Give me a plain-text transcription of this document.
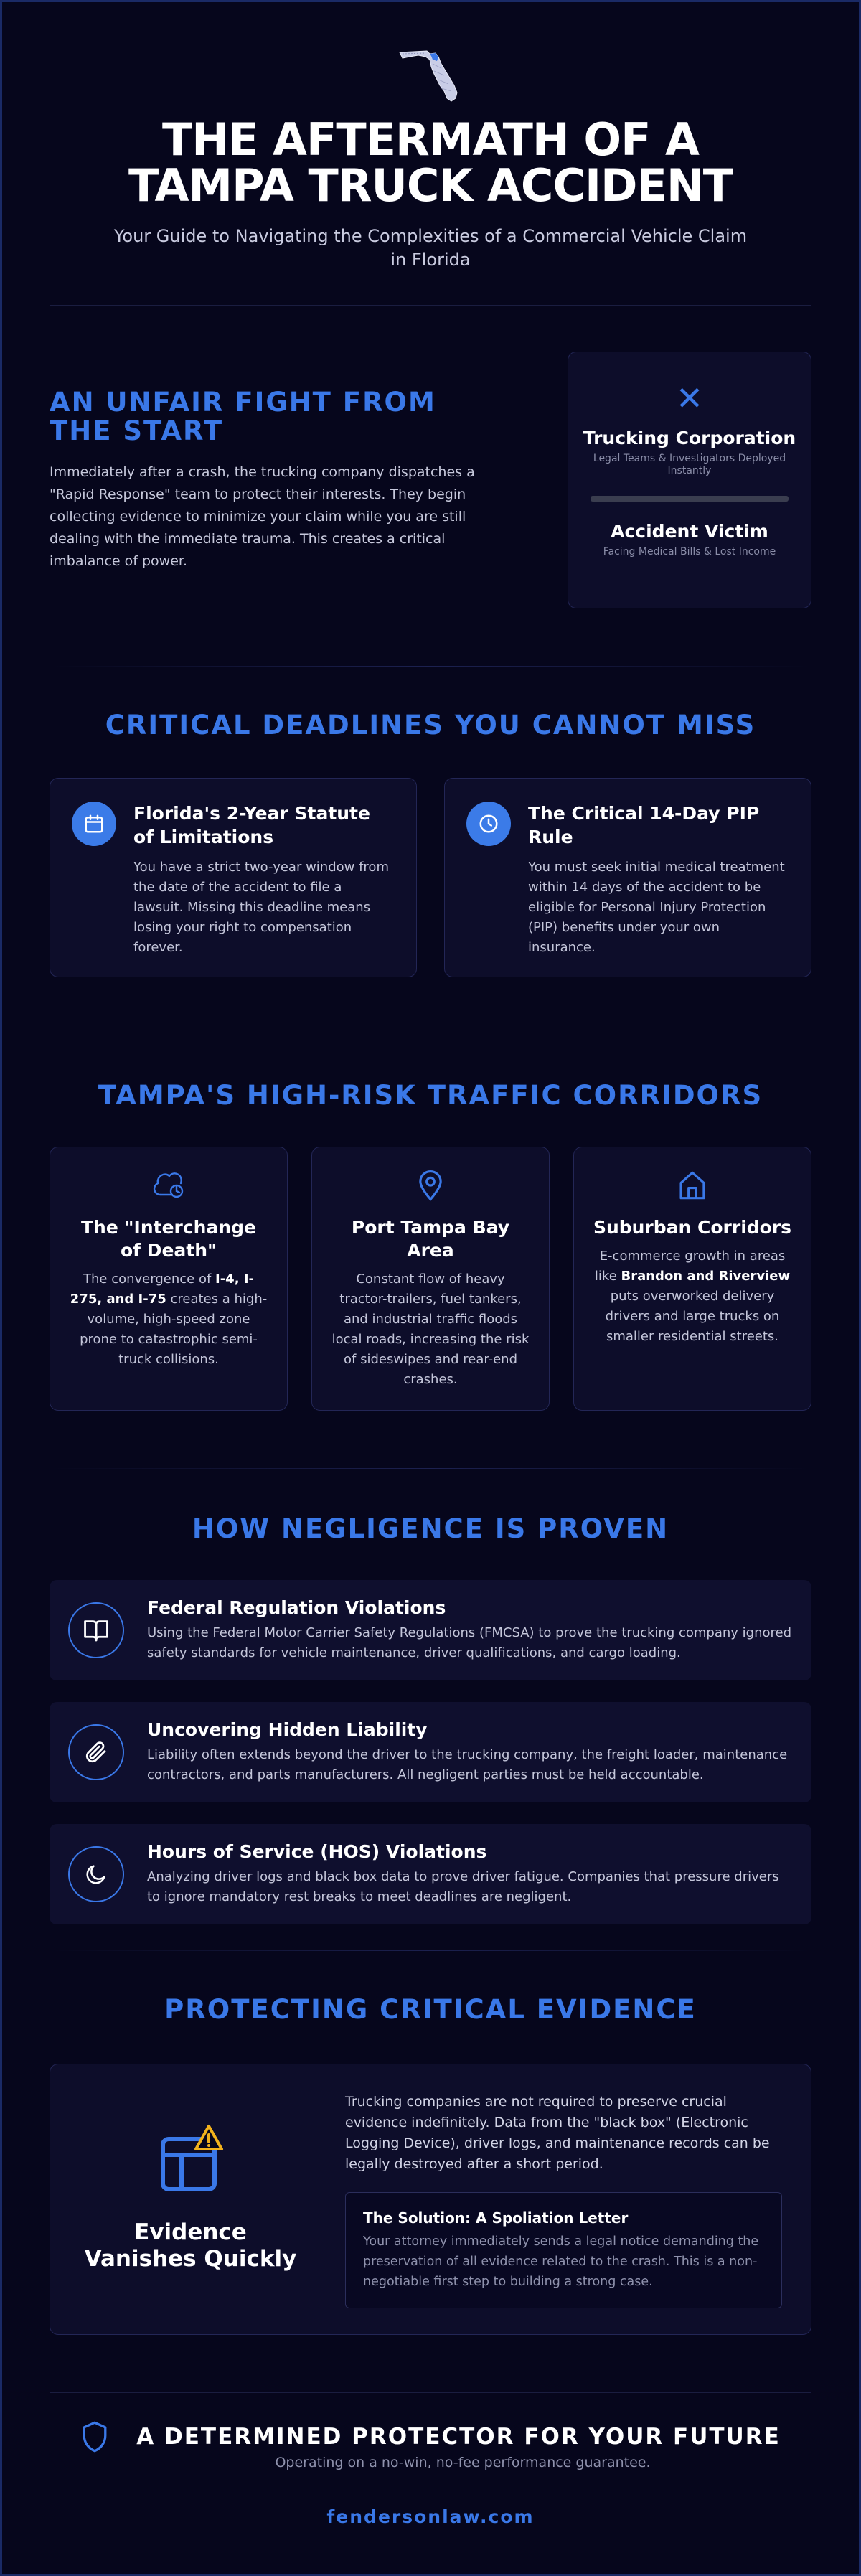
THE AFTERMATH OF A TAMPA TRUCK ACCIDENT

Your Guide to Navigating the Complexities of a Commercial Vehicle Claim in Florida

AN UNFAIR FIGHT FROM THE START

Immediately after a crash, the trucking company dispatches a "Rapid Response" team to protect their interests. They begin collecting evidence to minimize your claim while you are still dealing with the immediate trauma. This creates a critical imbalance of power.

✕
Trucking Corporation
Legal Teams & Investigators Deployed Instantly
Accident Victim
Facing Medical Bills & Lost Income
CRITICAL DEADLINES YOU CANNOT MISS
Florida's 2-Year Statute of Limitations
You have a strict two-year window from the date of the accident to file a lawsuit. Missing this deadline means losing your right to compensation forever.
The Critical 14-Day PIP Rule
You must seek initial medical treatment within 14 days of the accident to be eligible for Personal Injury Protection (PIP) benefits under your own insurance.
TAMPA'S HIGH-RISK TRAFFIC CORRIDORS
The "Interchange of Death"
The convergence of I-4, I-275, and I-75 creates a high-volume, high-speed zone prone to catastrophic semi-truck collisions.
Port Tampa Bay Area
Constant flow of heavy tractor-trailers, fuel tankers, and industrial traffic floods local roads, increasing the risk of sideswipes and rear-end crashes.
Suburban Corridors
E-commerce growth in areas like Brandon and Riverview puts overworked delivery drivers and large trucks on smaller residential streets.
HOW NEGLIGENCE IS PROVEN
Federal Regulation Violations
Using the Federal Motor Carrier Safety Regulations (FMCSA) to prove the trucking company ignored safety standards for vehicle maintenance, driver qualifications, and cargo loading.
Uncovering Hidden Liability
Liability often extends beyond the driver to the trucking company, the freight loader, maintenance contractors, and parts manufacturers. All negligent parties must be held accountable.
Hours of Service (HOS) Violations
Analyzing driver logs and black box data to prove driver fatigue. Companies that pressure drivers to ignore mandatory rest breaks to meet deadlines are negligent.
PROTECTING CRITICAL EVIDENCE
Evidence Vanishes Quickly

Trucking companies are not required to preserve crucial evidence indefinitely. Data from the "black box" (Electronic Logging Device), driver logs, and maintenance records can be legally destroyed after a short period.

The Solution: A Spoliation Letter
Your attorney immediately sends a legal notice demanding the preservation of all evidence related to the crash. This is a non-negotiable first step to building a strong case.
A DETERMINED PROTECTOR FOR YOUR FUTURE
Operating on a no-win, no-fee performance guarantee.
fendersonlaw.com
